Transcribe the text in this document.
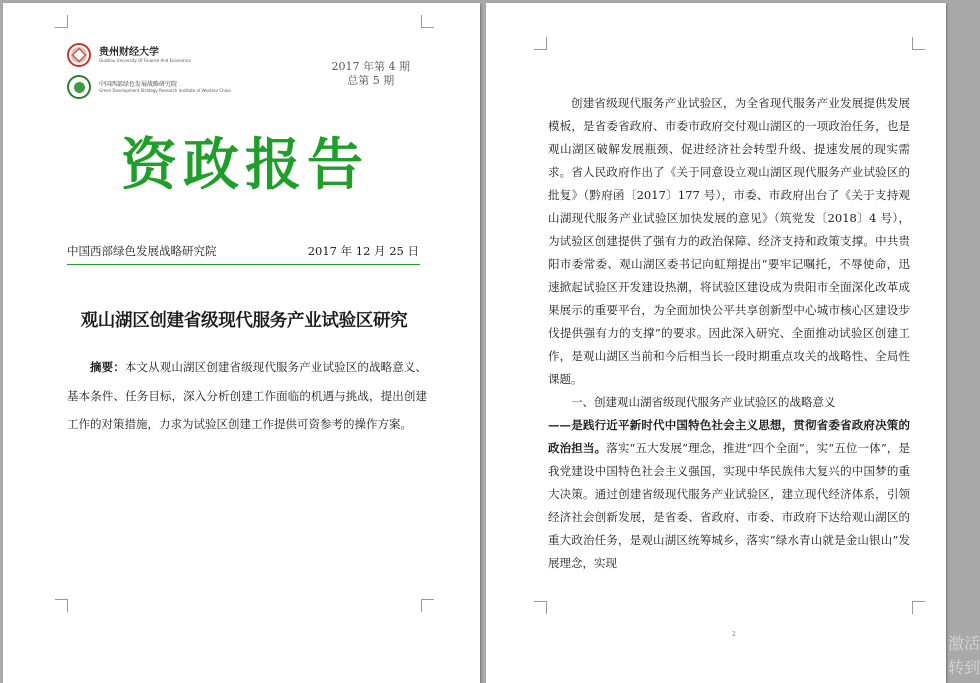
贵州财经大学
Guizhou University Of Finance And Economics
中国西部绿色发展战略研究院
Green Development Strategy Research Institute of Western China
2017 年第 4 期
总第 5 期
资政报告
中国西部绿色发展战略研究院	2017 年 12 月 25 日
观山湖区创建省级现代服务产业试验区研究
摘要：本文从观山湖区创建省级现代服务产业试验区的战略意义、基本条件、任务目标，深入分析创建工作面临的机遇与挑战，提出创建工作的对策措施，力求为试验区创建工作提供可资参考的操作方案。

创建省级现代服务产业试验区，为全省现代服务产业发展提供发展模板，是省委省政府、市委市政府交付观山湖区的一项政治任务，也是观山湖区破解发展瓶颈、促进经济社会转型升级、提速发展的现实需求。省人民政府作出了《关于同意设立观山湖区现代服务产业试验区的批复》（黔府函〔2017〕177 号），市委、市政府出台了《关于支持观山湖现代服务产业试验区加快发展的意见》（筑党发〔2018〕4 号），为试验区创建提供了强有力的政治保障、经济支持和政策支撑。中共贵阳市委常委、观山湖区委书记向虹翔提出“要牢记嘱托，不辱使命，迅速掀起试验区开发建设热潮，将试验区建设成为贵阳市全面深化改革成果展示的重要平台，为全面加快公平共享创新型中心城市核心区建设步伐提供强有力的支撑”的要求。因此深入研究、全面推动试验区创建工作，是观山湖区当前和今后相当长一段时期重点攻关的战略性、全局性课题。

一、创建观山湖省级现代服务产业试验区的战略意义

——是践行近平新时代中国特色社会主义思想，贯彻省委省政府决策的政治担当。落实“五大发展”理念，推进“四个全面”，实“五位一体”，是我党建设中国特色社会主义强国，实现中华民族伟大复兴的中国梦的重大决策。通过创建省级现代服务产业试验区，建立现代经济体系，引领经济社会创新发展，是省委、省政府、市委、市政府下达给观山湖区的重大政治任务，是观山湖区统筹城乡，落实“绿水青山就是金山银山”发展理念，实现

2	激活
转到
